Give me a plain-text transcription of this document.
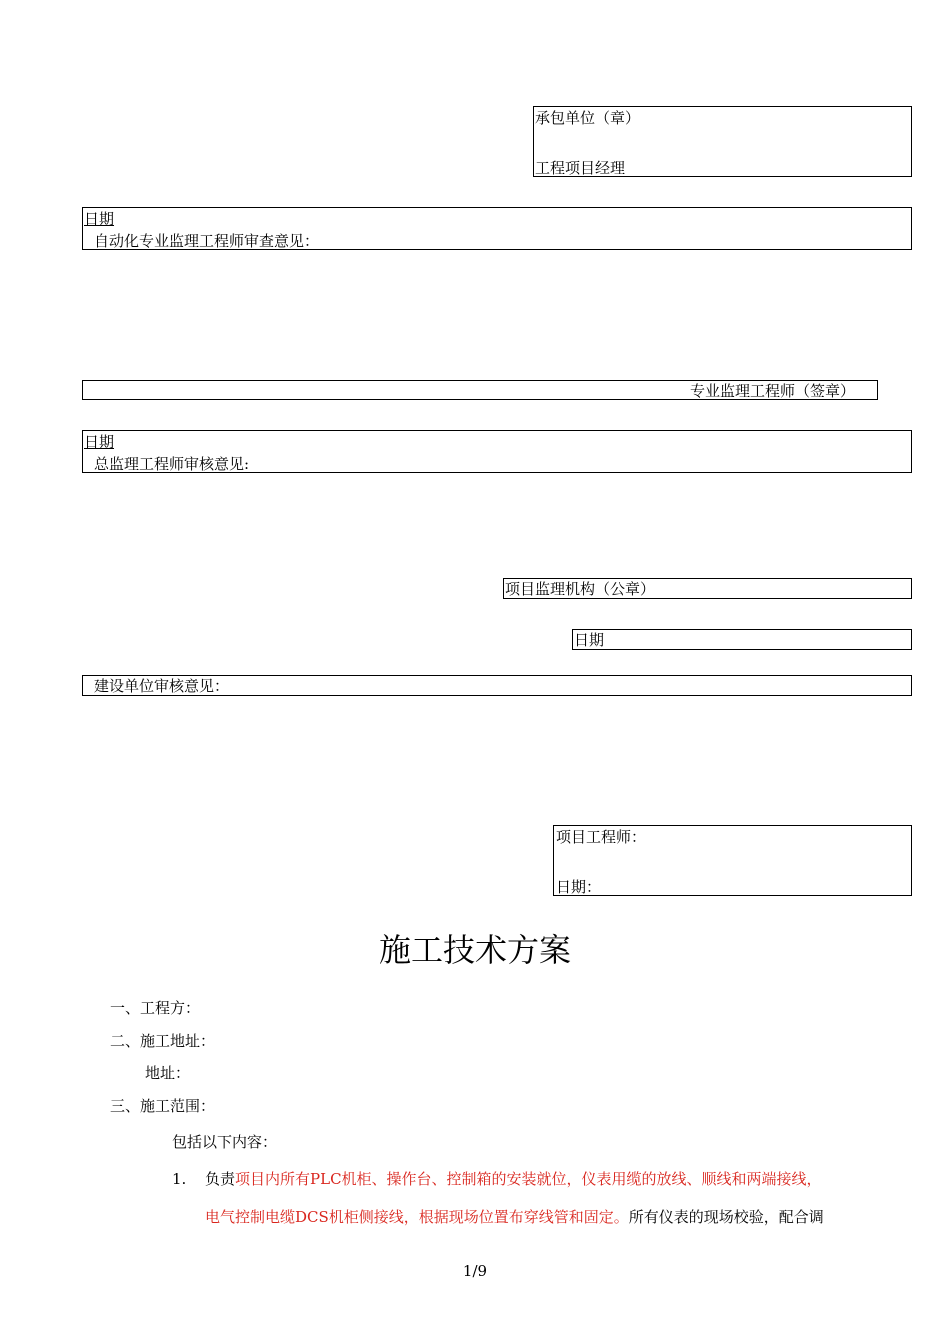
承包单位（章）
工程项目经理
日期
自动化专业监理工程师审查意见：
专业监理工程师（签章）
日期
总监理工程师审核意见:
项目监理机构（公章）
日期
建设单位审核意见：
项目工程师：
日期：
施工技术方案
一、工程方：
二、施工地址：
地址：
三、施工范围：
包括以下内容：
1. 负责项目内所有PLC机柜、操作台、控制箱的安装就位，仪表用缆的放线、顺线和两端接线，
电气控制电缆DCS机柜侧接线，根据现场位置布穿线管和固定。所有仪表的现场校验，配合调
1/9
